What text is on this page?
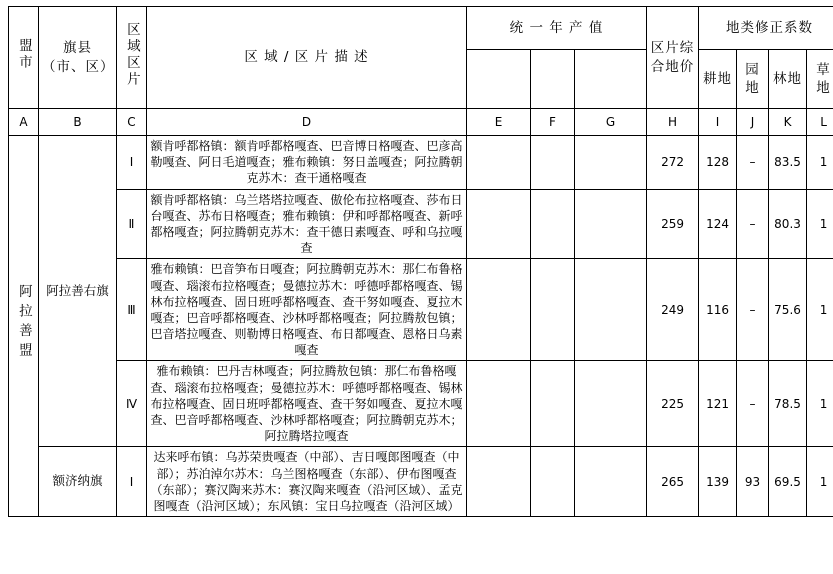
盟市	旗县（市、区）	区域区片	区 域 / 区 片 描 述	统 一 年 产 值			区片综合地价	地类修正系数			
								耕地	园地	林地	草地

A	B	C	D	E	F	G	H	I	J	K	L
阿拉善盟	阿拉善右旗	Ⅰ	额肯呼都格镇：额肯呼都格嘎查、巴音博日格嘎查、巴彦高勒嘎查、阿日毛道嘎查；雅布赖镇：努日盖嘎查；阿拉腾朝克苏木：查干通格嘎查				272	128	–	83.5	1
		Ⅱ	额肯呼都格镇：乌兰塔塔拉嘎查、傲伦布拉格嘎查、莎布日台嘎查、苏布日格嘎查；雅布赖镇：伊和呼都格嘎查、新呼都格嘎查；阿拉腾朝克苏木：查干德日素嘎查、呼和乌拉嘎查				259	124	–	80.3	1
		Ⅲ	雅布赖镇：巴音笋布日嘎查；阿拉腾朝克苏木：那仁布鲁格嘎查、瑙滚布拉格嘎查；曼德拉苏木：呼德呼都格嘎查、锡林布拉格嘎查、固日班呼都格嘎查、查干努如嘎查、夏拉木嘎查；巴音呼都格嘎查、沙林呼都格嘎查；阿拉腾敖包镇；巴音塔拉嘎查、则勒博日格嘎查、布日都嘎查、恩格日乌素嘎查				249	116	–	75.6	1
		Ⅳ	雅布赖镇：巴丹吉林嘎查；阿拉腾敖包镇：那仁布鲁格嘎查、瑙滚布拉格嘎查；曼德拉苏木：呼德呼都格嘎查、锡林布拉格嘎查、固日班呼都格嘎查、查干努如嘎查、夏拉木嘎查、巴音呼都格嘎查、沙林呼都格嘎查；阿拉腾朝克苏木；阿拉腾塔拉嘎查				225	121	–	78.5	1
	额济纳旗	Ⅰ	达来呼布镇：乌苏荣贵嘎查（中部）、吉日嘎郎图嘎查（中部）；苏泊淖尔苏木：乌兰图格嘎查（东部）、伊布图嘎查（东部）；赛汉陶来苏木：赛汉陶来嘎查（沿河区域）、孟克图嘎查（沿河区域）；东风镇：宝日乌拉嘎查（沿河区域）				265	139	93	69.5	1
